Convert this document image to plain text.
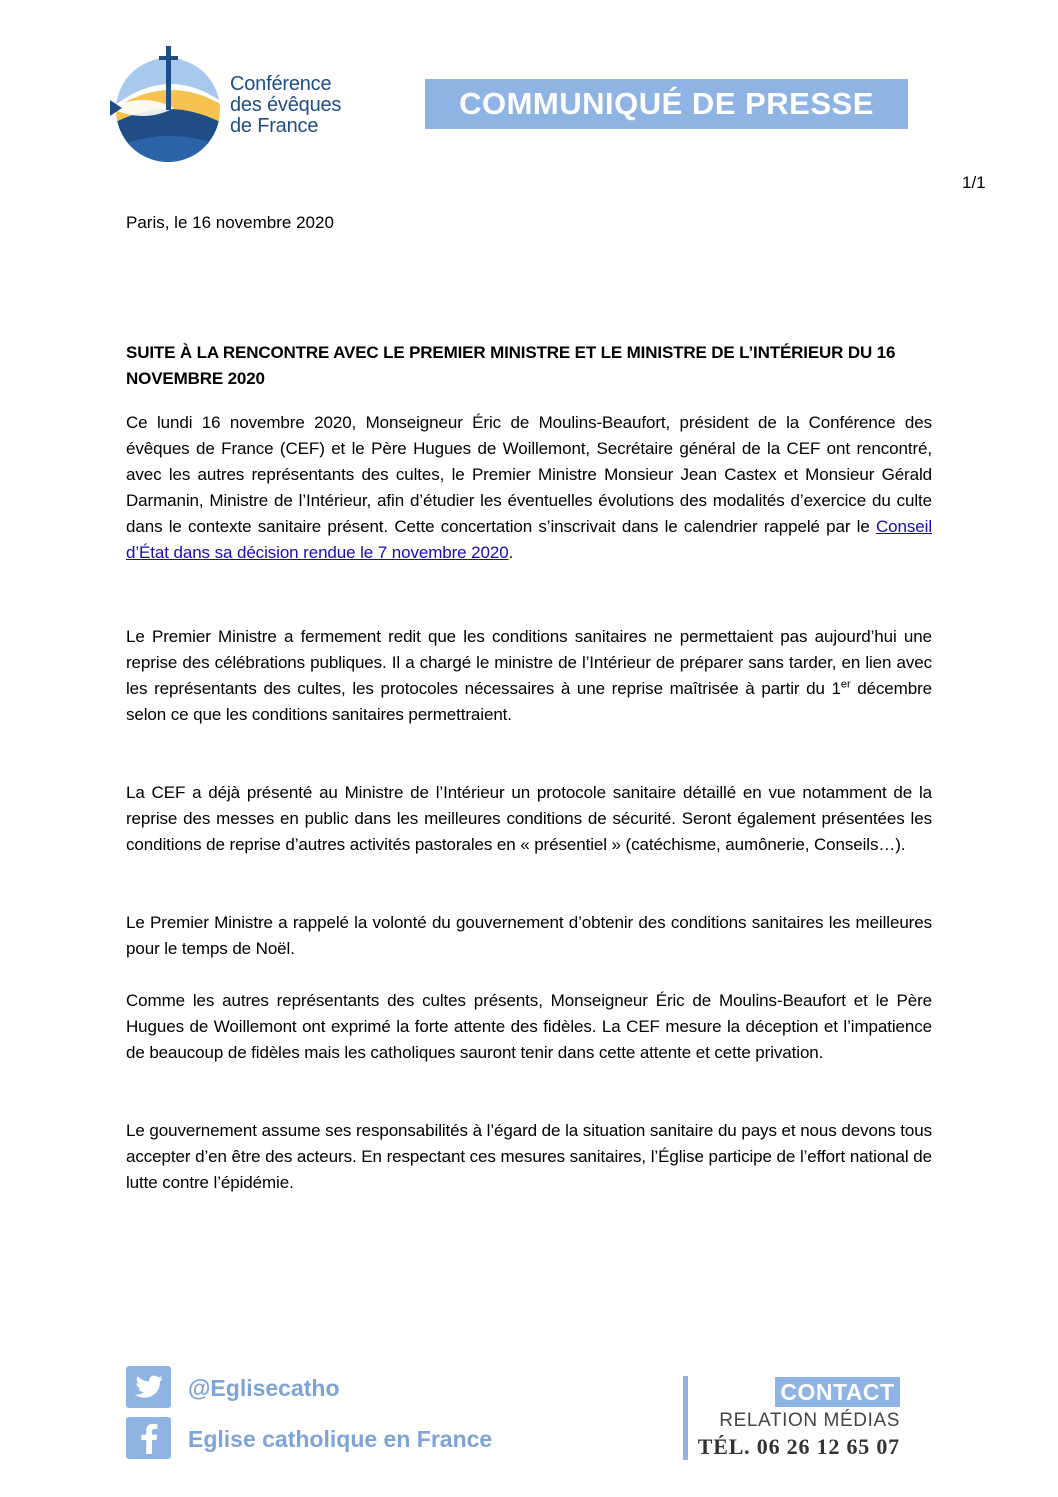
Conférence
des évêques
de France
COMMUNIQUÉ DE PRESSE
1/1
Paris, le 16 novembre 2020
SUITE À LA RENCONTRE AVEC LE PREMIER MINISTRE ET LE MINISTRE DE L’INTÉRIEUR DU 16 NOVEMBRE 2020
Ce lundi 16 novembre 2020, Monseigneur Éric de Moulins-Beaufort, président de la Conférence des évêques de France (CEF) et le Père Hugues de Woillemont, Secrétaire général de la CEF ont rencontré, avec les autres représentants des cultes, le Premier Ministre Monsieur Jean Castex et Monsieur Gérald Darmanin, Ministre de l’Intérieur, afin d’étudier les éventuelles évolutions des modalités d’exercice du culte dans le contexte sanitaire présent. Cette concertation s’inscrivait dans le calendrier rappelé par le Conseil d’État dans sa décision rendue le 7 novembre 2020.
Le Premier Ministre a fermement redit que les conditions sanitaires ne permettaient pas aujourd’hui une reprise des célébrations publiques. Il a chargé le ministre de l’Intérieur de préparer sans tarder, en lien avec les représentants des cultes, les protocoles nécessaires à une reprise maîtrisée à partir du 1er décembre selon ce que les conditions sanitaires permettraient.
La CEF a déjà présenté au Ministre de l’Intérieur un protocole sanitaire détaillé en vue notamment de la reprise des messes en public dans les meilleures conditions de sécurité. Seront également présentées les conditions de reprise d’autres activités pastorales en « présentiel » (catéchisme, aumônerie, Conseils…).
Le Premier Ministre a rappelé la volonté du gouvernement d’obtenir des conditions sanitaires les meilleures pour le temps de Noël.
Comme les autres représentants des cultes présents, Monseigneur Éric de Moulins-Beaufort et le Père Hugues de Woillemont ont exprimé la forte attente des fidèles. La CEF mesure la déception et l’impatience de beaucoup de fidèles mais les catholiques sauront tenir dans cette attente et cette privation.
Le gouvernement assume ses responsabilités à l’égard de la situation sanitaire du pays et nous devons tous accepter d’en être des acteurs. En respectant ces mesures sanitaires, l’Église participe de l’effort national de lutte contre l’épidémie.
@Eglisecatho
Eglise catholique en France
CONTACT
RELATION MÉDIAS
TÉL. 06 26 12 65 07
